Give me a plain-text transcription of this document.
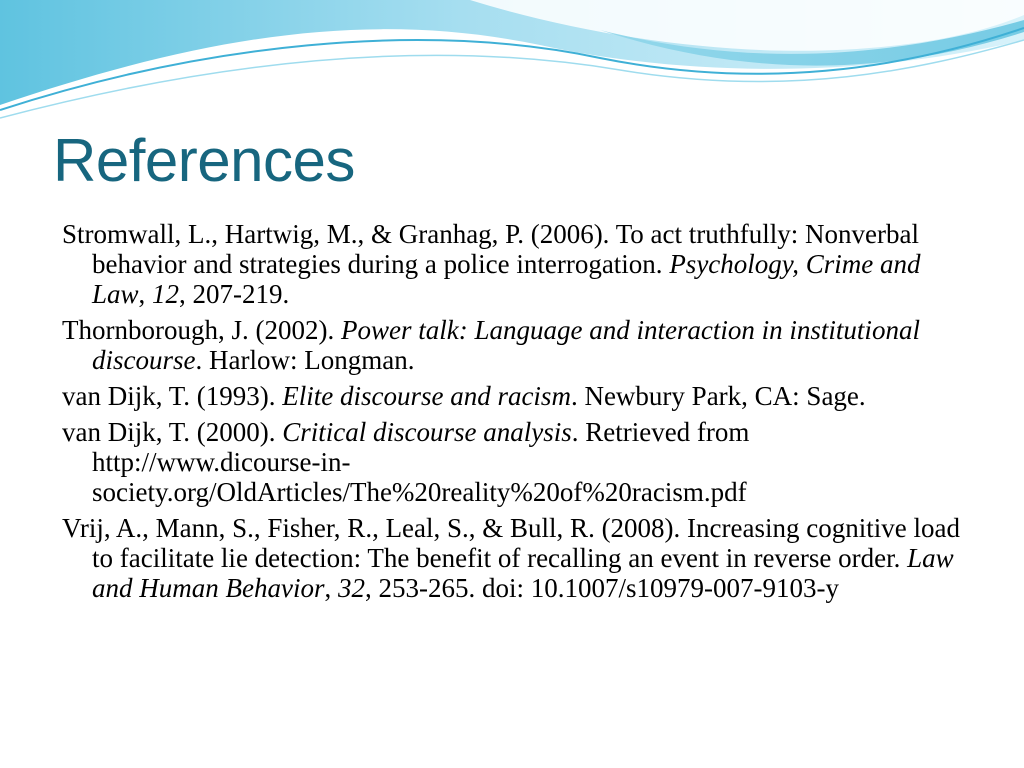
References

Stromwall, L., Hartwig, M., & Granhag, P. (2006). To act truthfully: Nonverbal behavior and strategies during a police interrogation. Psychology, Crime and Law, 12, 207-219.

Thornborough, J. (2002). Power talk: Language and interaction in institutional discourse. Harlow: Longman.

van Dijk, T. (1993). Elite discourse and racism. Newbury Park, CA: Sage.

van Dijk, T. (2000). Critical discourse analysis. Retrieved from http://www.dicourse-in-society.org/OldArticles/The%20reality%20of%20racism.pdf

Vrij, A., Mann, S., Fisher, R., Leal, S., & Bull, R. (2008). Increasing cognitive load to facilitate lie detection: The benefit of recalling an event in reverse order. Law and Human Behavior, 32, 253-265. doi: 10.1007/s10979-007-9103-y
